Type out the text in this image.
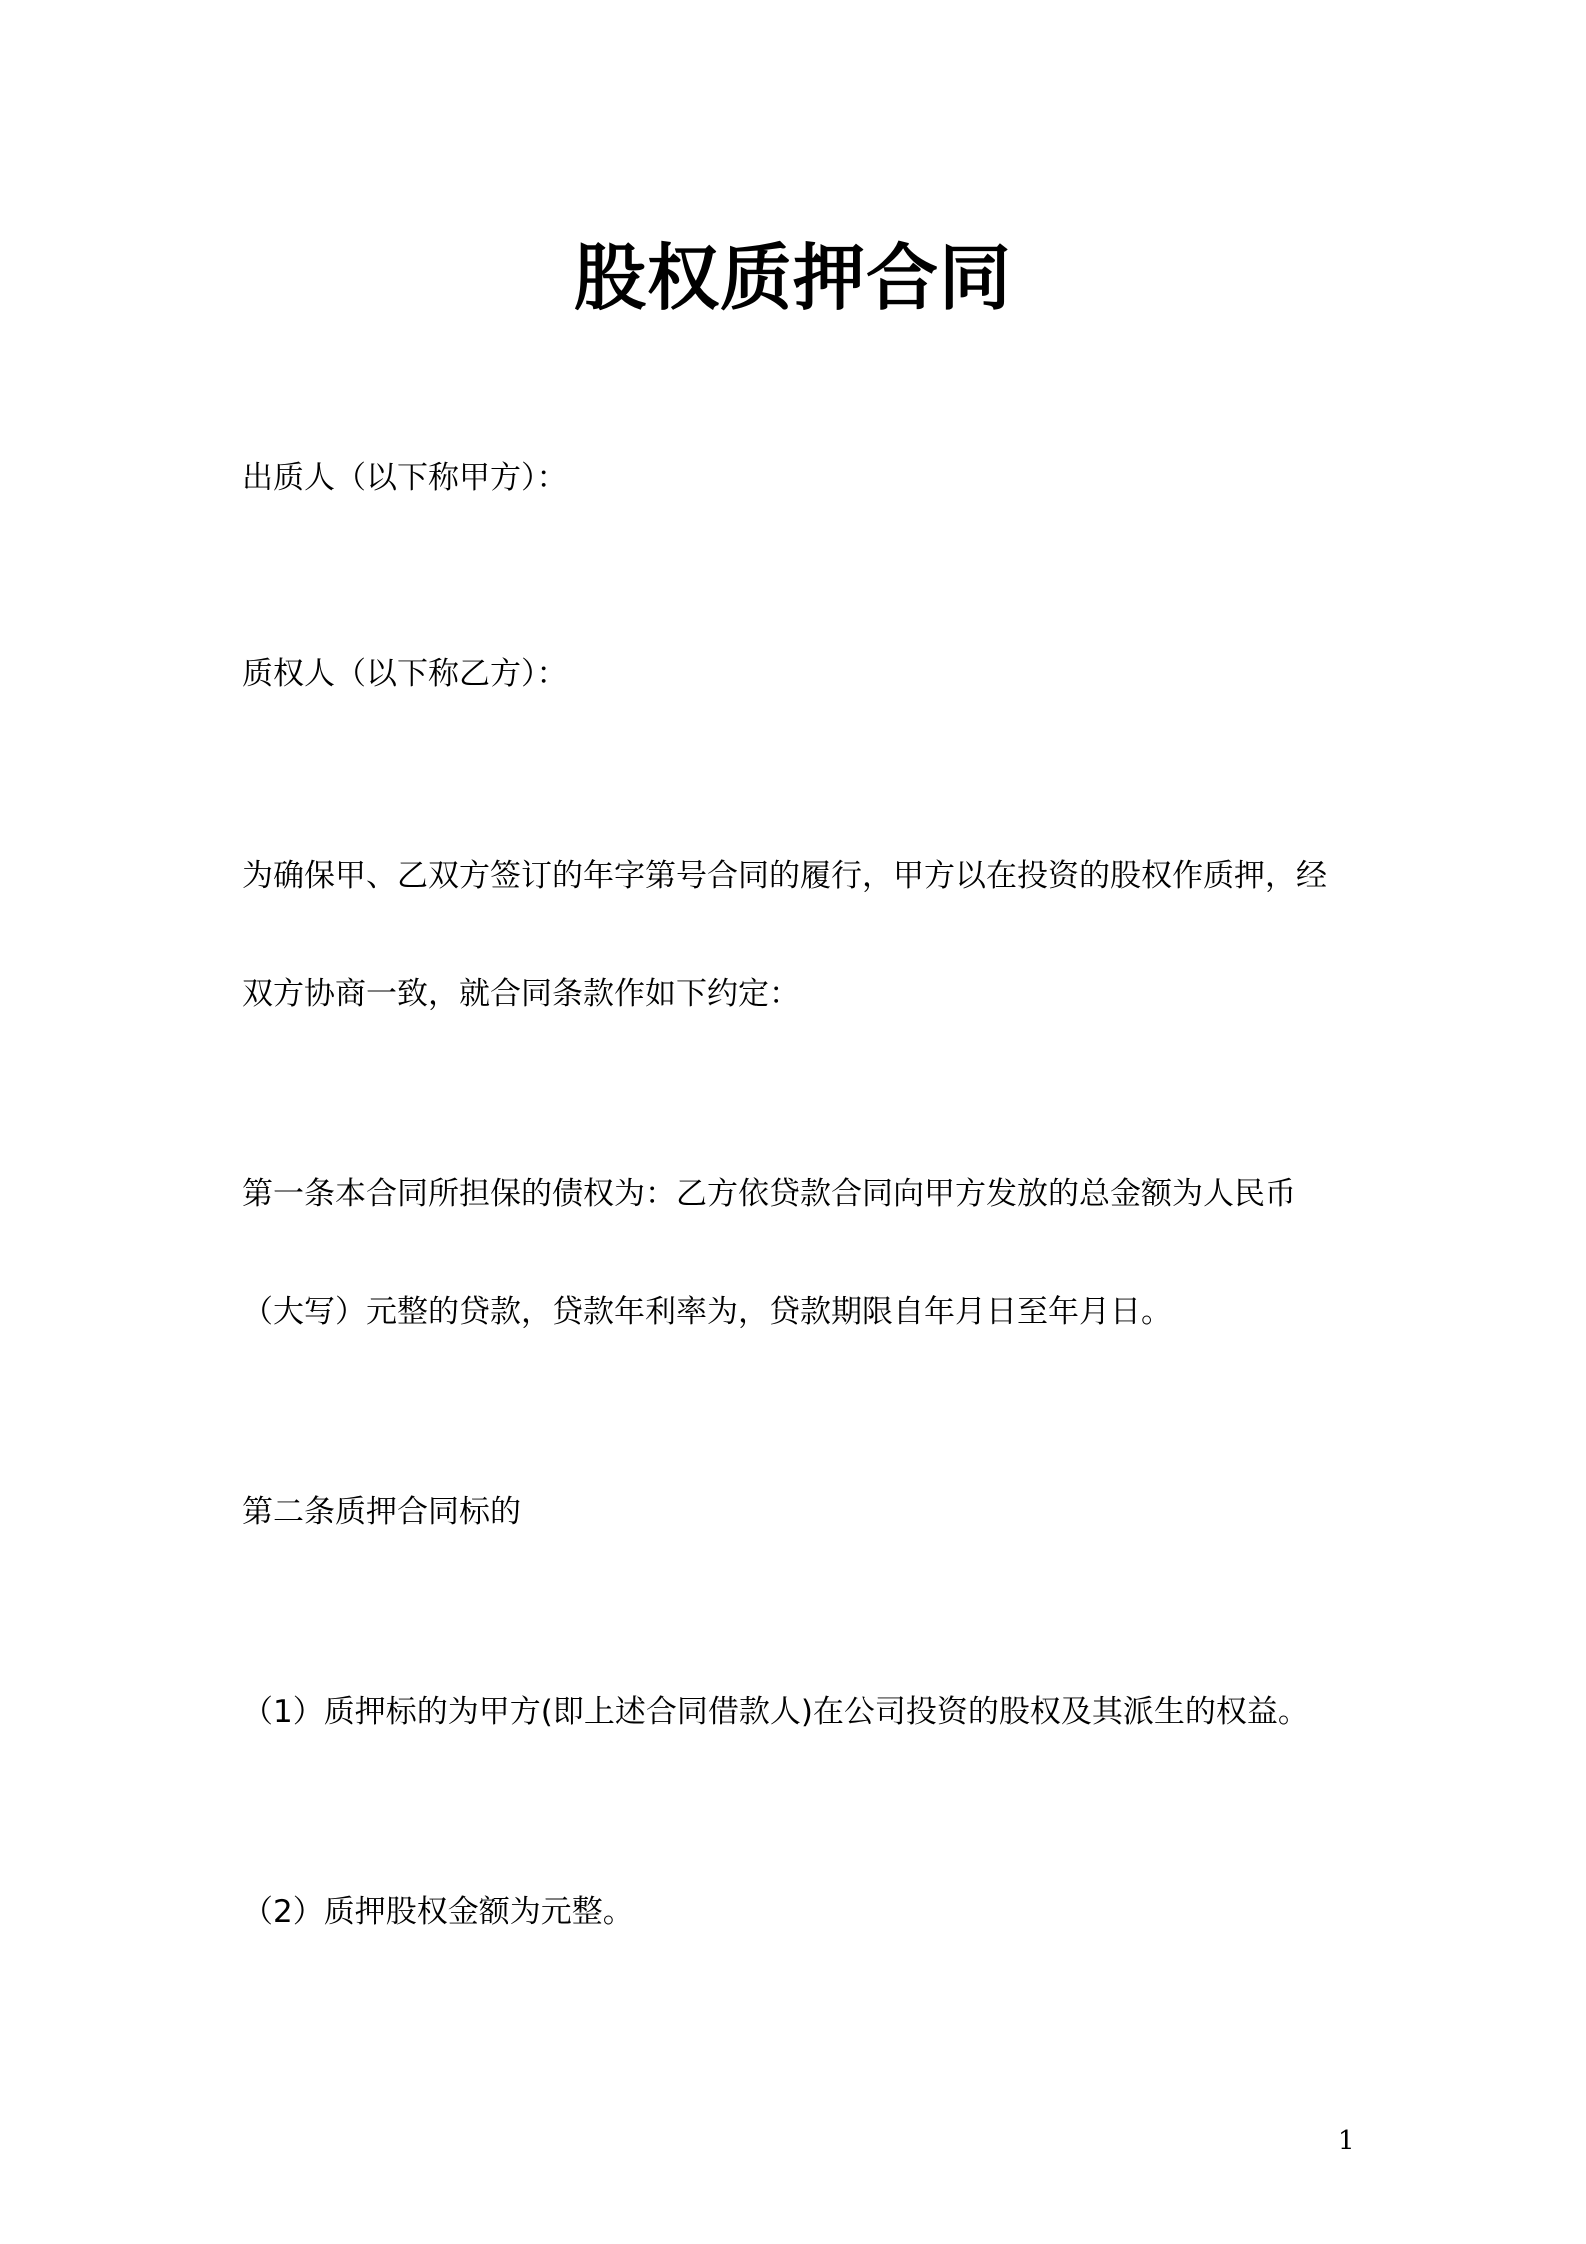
股权质押合同
出质人（以下称甲方）：
质权人（以下称乙方）：
为确保甲、乙双方签订的年字第号合同的履行，甲方以在投资的股权作质押，经
双方协商一致，就合同条款作如下约定：
第一条本合同所担保的债权为：乙方依贷款合同向甲方发放的总金额为人民币
（大写）元整的贷款，贷款年利率为，贷款期限自年月日至年月日。
第二条质押合同标的
（1）质押标的为甲方(即上述合同借款人)在公司投资的股权及其派生的权益。
（2）质押股权金额为元整。
1
